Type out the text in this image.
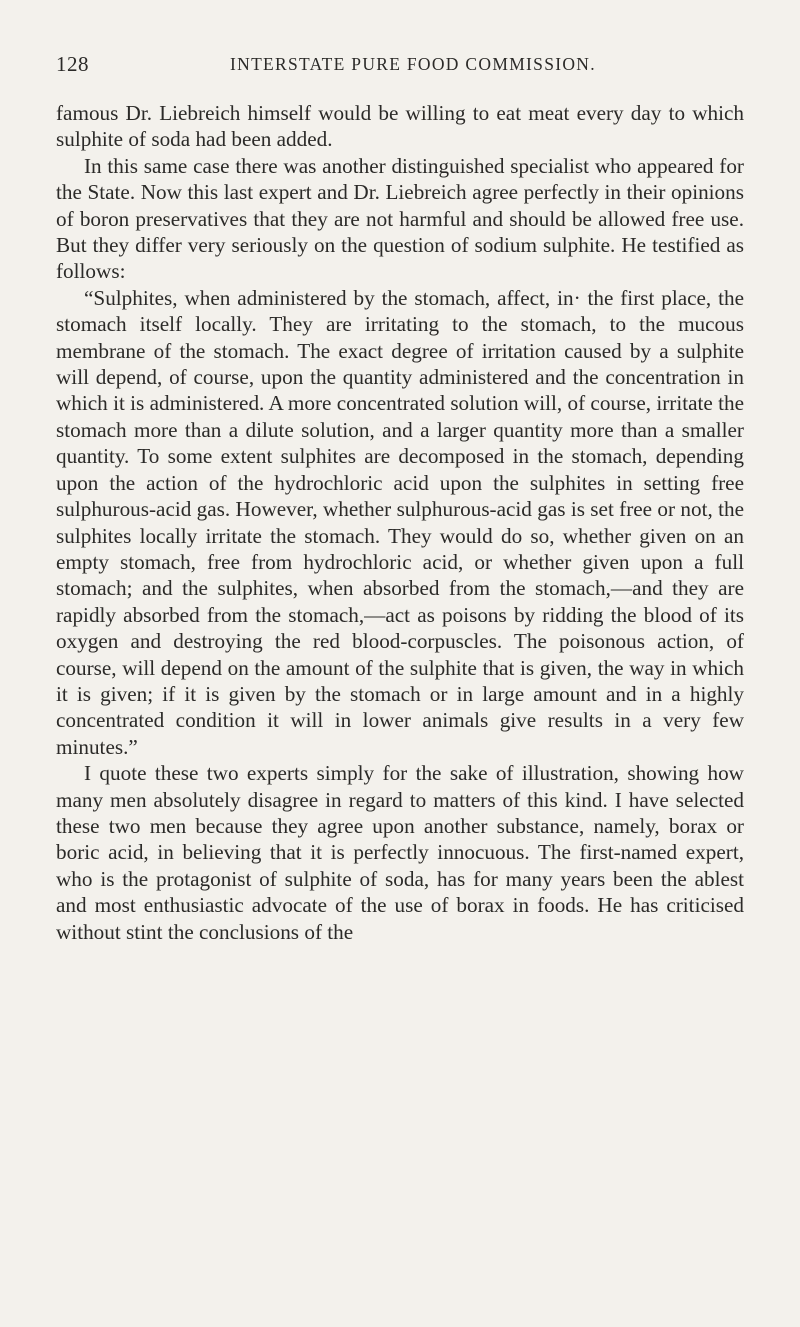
128	INTERSTATE PURE FOOD COMMISSION.

famous Dr. Liebreich himself would be willing to eat meat every day to which sulphite of soda had been added.

In this same case there was another distinguished specialist who appeared for the State. Now this last expert and Dr. Liebreich agree perfectly in their opinions of boron preservatives that they are not harmful and should be allowed free use. But they differ very seriously on the question of sodium sulphite. He testified as follows:

“Sulphites, when administered by the stomach, affect, in· the first place, the stomach itself locally. They are irritating to the stomach, to the mucous membrane of the stomach. The exact degree of irritation caused by a sulphite will depend, of course, upon the quantity administered and the concentration in which it is administered. A more concentrated solution will, of course, irritate the stomach more than a dilute solution, and a larger quantity more than a smaller quantity. To some extent sulphites are decomposed in the stomach, depending upon the action of the hydrochloric acid upon the sulphites in setting free sulphurous-acid gas. However, whether sulphurous-acid gas is set free or not, the sulphites locally irritate the stomach. They would do so, whether given on an empty stomach, free from hydrochloric acid, or whether given upon a full stomach; and the sulphites, when absorbed from the stomach,—and they are rapidly absorbed from the stomach,—act as poisons by ridding the blood of its oxygen and destroying the red blood-corpuscles. The poisonous action, of course, will depend on the amount of the sulphite that is given, the way in which it is given; if it is given by the stomach or in large amount and in a highly concentrated condition it will in lower animals give results in a very few minutes.”

I quote these two experts simply for the sake of illustration, showing how many men absolutely disagree in regard to matters of this kind. I have selected these two men because they agree upon another substance, namely, borax or boric acid, in believing that it is perfectly innocuous. The first-named expert, who is the protagonist of sulphite of soda, has for many years been the ablest and most enthusiastic advocate of the use of borax in foods. He has criticised without stint the conclusions of the
